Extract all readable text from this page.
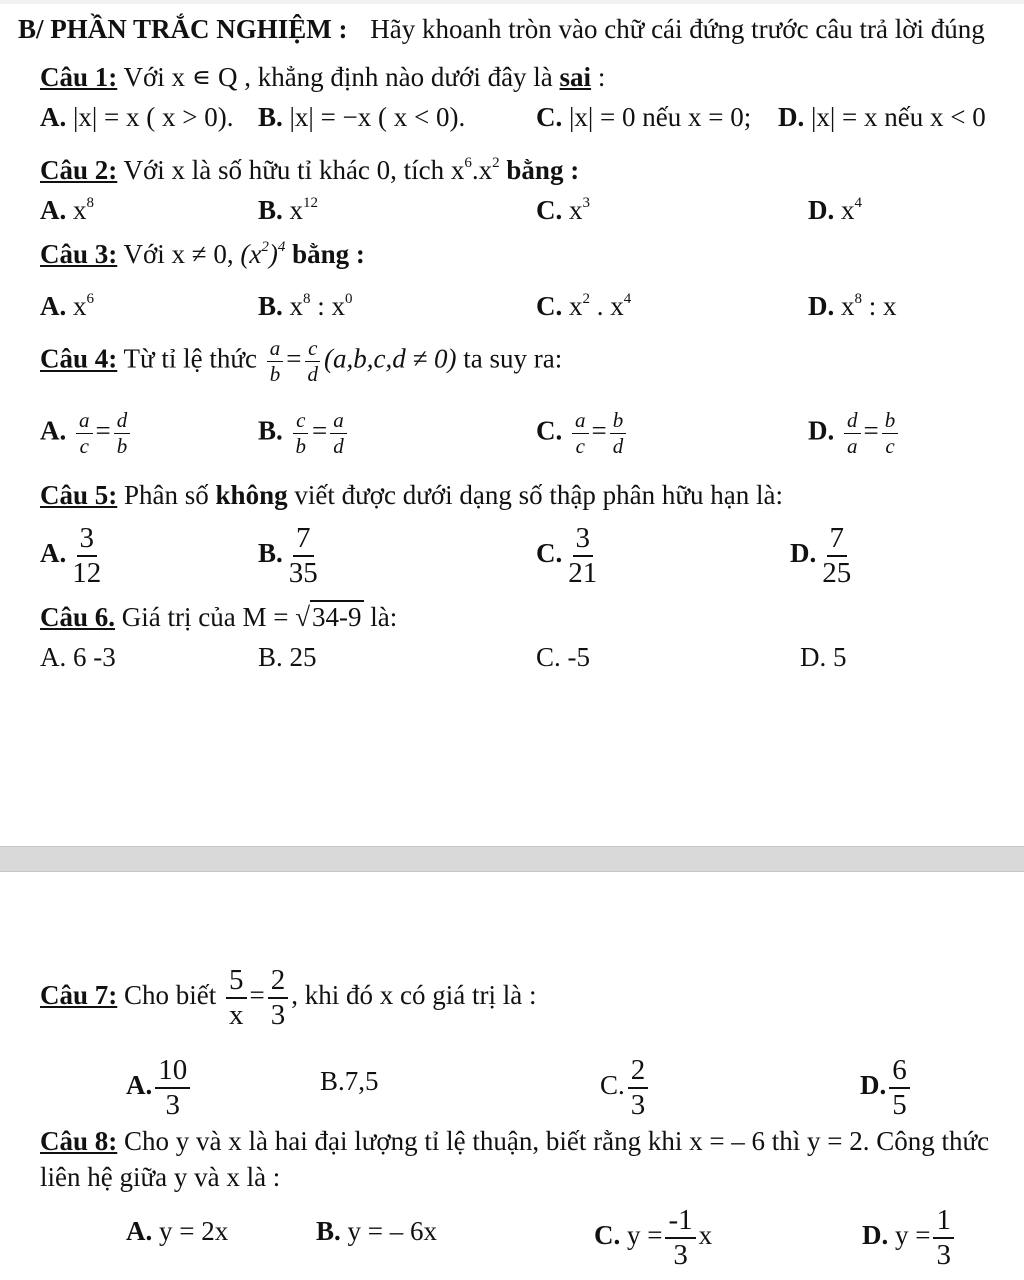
B/ PHẦN TRẮC NGHIỆM : Hãy khoanh tròn vào chữ cái đứng trước câu trả lời đúng
Câu 1: Với x ∊ Q , khẳng định nào dưới đây là sai :
A. |x| = x ( x > 0). B. |x| = −x ( x < 0).	C. |x| = 0 nếu x = 0; D. |x| = x nếu x < 0
Câu 2: Với x là số hữu tỉ khác 0, tích $x^6.x^2$ bằng :
A. $x^8$	B. $x^{12}$	C. $x^3$	D. $x^4$
Câu 3: Với x ≠ 0, $(x^2)^4$ bằng :
A. $x^6$	B. $x^8$ : $x^0$	C. $x^2$ . $x^4$	D. $x^8$ : x
Câu 4: Từ tỉ lệ thức $\frac{a}{b} = \frac{c}{d} (a,b,c,d \ne 0)$ ta suy ra:
A. $\frac{a}{c} = \frac{d}{b}$	B. $\frac{c}{b} = \frac{a}{d}$	C. $\frac{a}{c} = \frac{b}{d}$	D. $\frac{d}{a} = \frac{b}{c}$
Câu 5: Phân số không viết được dưới dạng số thập phân hữu hạn là:
A. $\frac{3}{12}$	B. $\frac{7}{35}$	C. $\frac{3}{21}$	D. $\frac{7}{25}$
Câu 6. Giá trị của M = √34-9 là:
A. 6 -3	B. 25	C. -5	D. 5
Câu 7: Cho biết $\frac{5}{x} = \frac{2}{3}$ , khi đó x có giá trị là :
A. $\frac{10}{3}$	B.7,5	C. $\frac{2}{3}$	D. $\frac{6}{5}$
Câu 8: Cho y và x là hai đại lượng tỉ lệ thuận, biết rằng khi x = – 6 thì y = 2. Công thức
liên hệ giữa y và x là :
A. y = 2x	B. y = – 6x	C. $y = \frac{-1}{3}$ x	D. $y = \frac{1}{3}$
